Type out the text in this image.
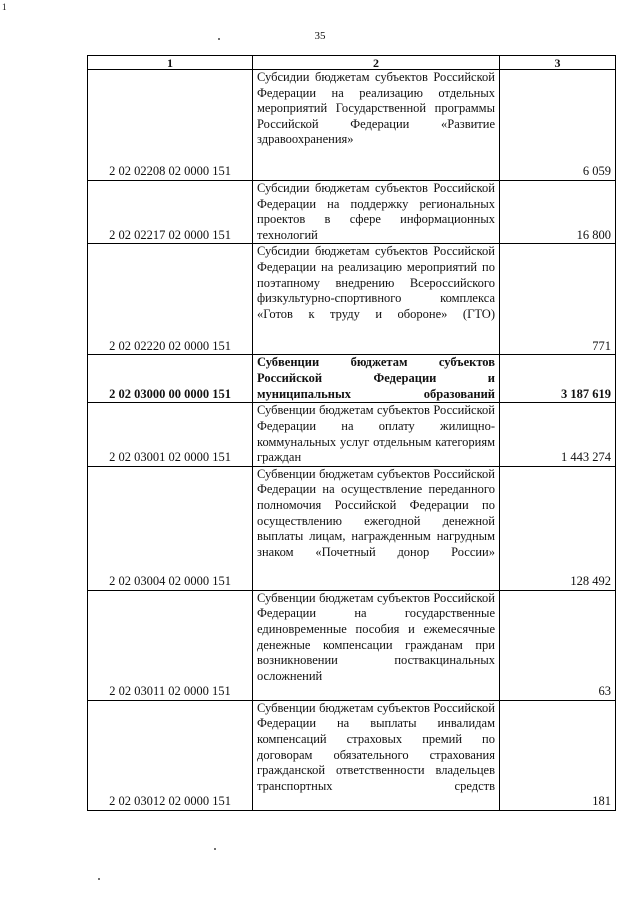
1
35
1	2	3
2 02 02208 02 0000 151	Субсидии бюджетам субъектов Российской Федерации на реализацию отдельных мероприятий Государственной программы Российской Федерации «Развитие здравоохранения»	6 059
2 02 02217 02 0000 151	Субсидии бюджетам субъектов Российской Федерации на поддержку региональных проектов в сфере информационных технологий	16 800
2 02 02220 02 0000 151	Субсидии бюджетам субъектов Российской Федерации на реализацию мероприятий по поэтапному внедрению Всероссийского физкультурно-спортивного комплекса «Готов к труду и обороне» (ГТО)	771
2 02 03000 00 0000 151	Субвенции бюджетам субъектов Российской Федерации и муниципальных образований	3 187 619
2 02 03001 02 0000 151	Субвенции бюджетам субъектов Российской Федерации на оплату жилищно-коммунальных услуг отдельным категориям граждан	1 443 274
2 02 03004 02 0000 151	Субвенции бюджетам субъектов Российской Федерации на осуществление переданного полномочия Российской Федерации по осуществлению ежегодной денежной выплаты лицам, награжденным нагрудным знаком «Почетный донор России»	128 492
2 02 03011 02 0000 151	Субвенции бюджетам субъектов Российской Федерации на государственные единовременные пособия и ежемесячные денежные компенсации гражданам при возникновении поствакцинальных осложнений	63
2 02 03012 02 0000 151	Субвенции бюджетам субъектов Российской Федерации на выплаты инвалидам компенсаций страховых премий по договорам обязательного страхования гражданской ответственности владельцев транспортных средств	181
